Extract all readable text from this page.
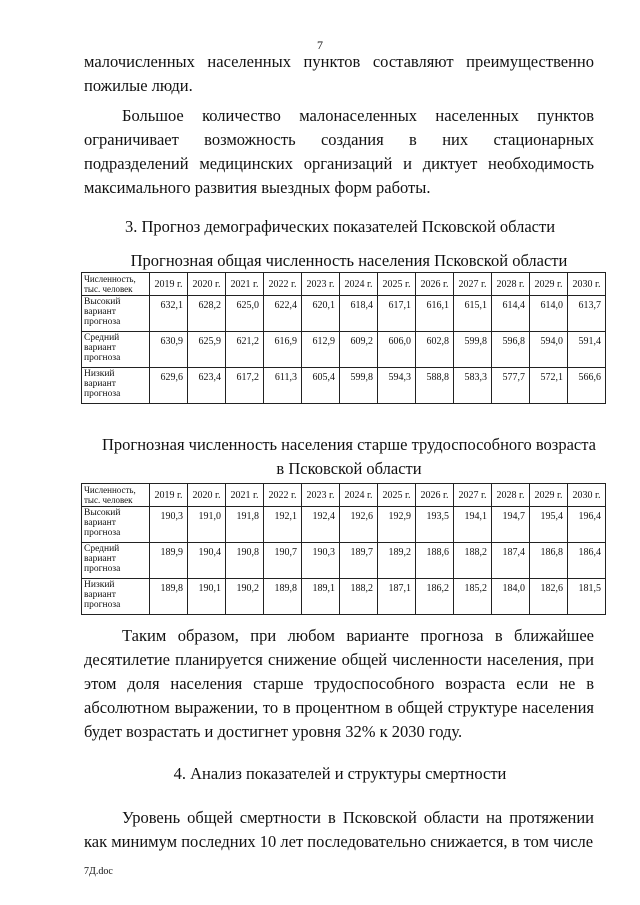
7

малочисленных населенных пунктов составляют преимущественно пожилые люди.

Большое количество малонаселенных населенных пунктов ограничивает возможность создания в них стационарных подразделений медицинских организаций и диктует необходимость максимального развития выездных форм работы.

3. Прогноз демографических показателей Псковской области
Прогнозная общая численность населения Псковской области
Численность, тыс. человек	2019 г.	2020 г.	2021 г.	2022 г.	2023 г.	2024 г.	2025 г.	2026 г.	2027 г.	2028 г.	2029 г.	2030 г.
Высокий вариант прогноза	632,1	628,2	625,0	622,4	620,1	618,4	617,1	616,1	615,1	614,4	614,0	613,7
Средний вариант прогноза	630,9	625,9	621,2	616,9	612,9	609,2	606,0	602,8	599,8	596,8	594,0	591,4
Низкий вариант прогноза	629,6	623,4	617,2	611,3	605,4	599,8	594,3	588,8	583,3	577,7	572,1	566,6
Прогнозная численность населения старше трудоспособного возраста
в Псковской области
Численность, тыс. человек	2019 г.	2020 г.	2021 г.	2022 г.	2023 г.	2024 г.	2025 г.	2026 г.	2027 г.	2028 г.	2029 г.	2030 г.
Высокий вариант прогноза	190,3	191,0	191,8	192,1	192,4	192,6	192,9	193,5	194,1	194,7	195,4	196,4
Средний вариант прогноза	189,9	190,4	190,8	190,7	190,3	189,7	189,2	188,6	188,2	187,4	186,8	186,4
Низкий вариант прогноза	189,8	190,1	190,2	189,8	189,1	188,2	187,1	186,2	185,2	184,0	182,6	181,5

Таким образом, при любом варианте прогноза в ближайшее десятилетие планируется снижение общей численности населения, при этом доля населения старше трудоспособного возраста если не в абсолютном выражении, то в процентном в общей структуре населения будет возрастать и достигнет уровня 32% к 2030 году.

4. Анализ показателей и структуры смертности

Уровень общей смертности в Псковской области на протяжении как минимум последних 10 лет последовательно снижается, в том числе

7Д.doc
